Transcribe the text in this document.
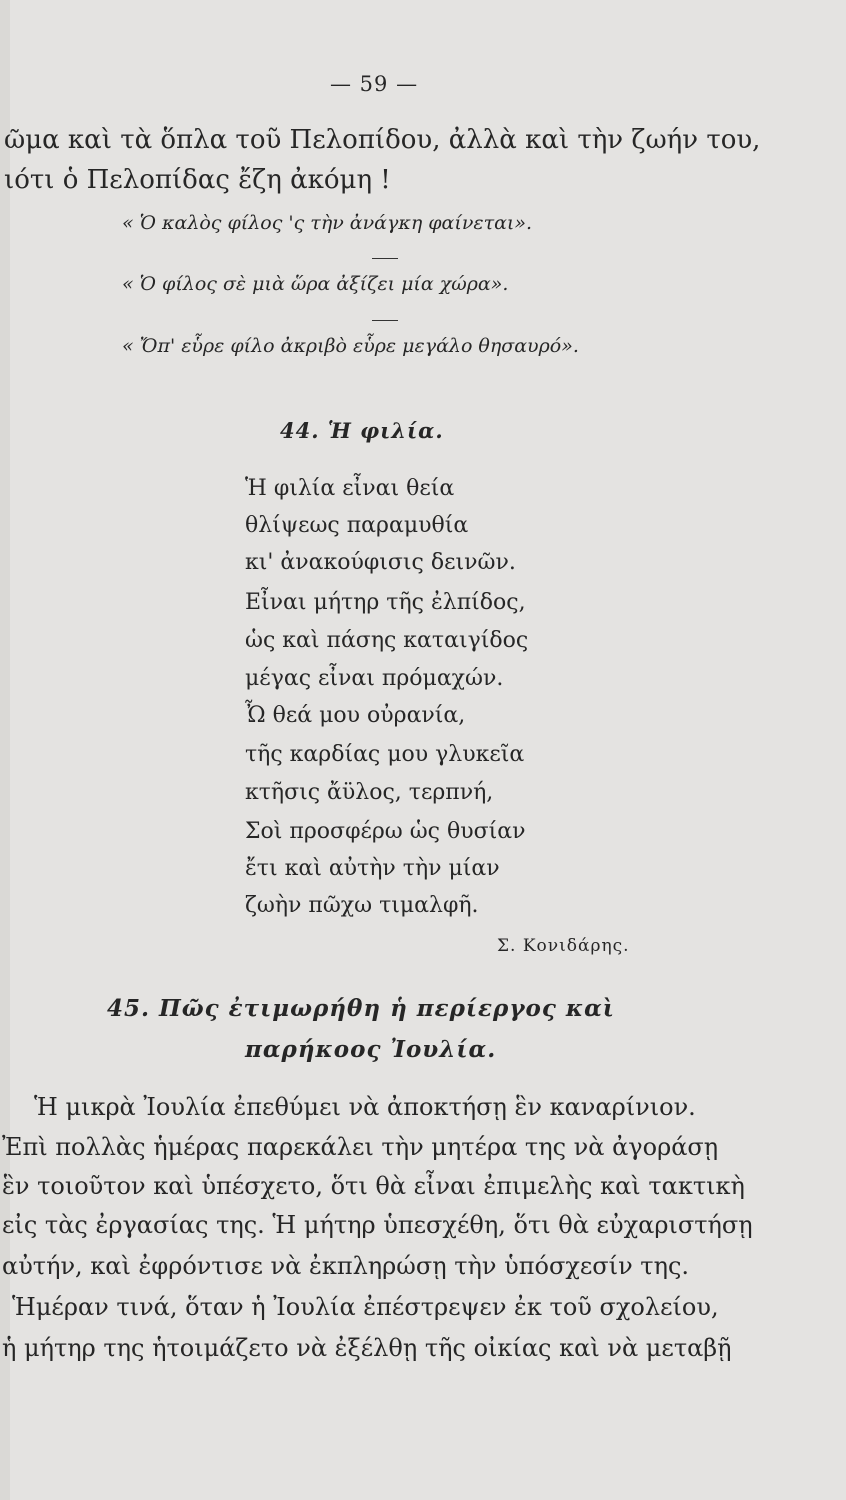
— 59 —
ῶμα καὶ τὰ ὅπλα τοῦ Πελοπίδου, ἀλλὰ καὶ τὴν ζωήν του,
ιότι ὁ Πελοπίδας ἔζη ἀκόμη !
« Ὁ καλὸς φίλος 'ς τὴν ἀνάγκη φαίνεται».
« Ὁ φίλος σὲ μιὰ ὥρα ἀξίζει μία χώρα».
« Ὄπ' εὗρε φίλο ἀκριβὸ εὗρε μεγάλο θησαυρό».
44. Ἡ φιλία.
Ἡ φιλία εἶναι θεία
θλίψεως παραμυθία
κι' ἀνακούφισις δεινῶν.
Εἶναι μήτηρ τῆς ἐλπίδος,
ὡς καὶ πάσης καταιγίδος
μέγας εἶναι πρόμαχών.
Ὦ θεά μου οὐρανία,
τῆς καρδίας μου γλυκεῖα
κτῆσις ἄϋλος, τερπνή,
Σοὶ προσφέρω ὡς θυσίαν
ἔτι καὶ αὐτὴν τὴν μίαν
ζωὴν πῶχω τιμαλφῆ.
Σ. Κονιδάρης.
45. Πῶς ἐτιμωρήθη ἡ περίεργος καὶ
παρήκοος Ἰουλία.
Ἡ μικρὰ Ἰουλία ἐπεθύμει νὰ ἀποκτήσῃ ἓν καναρίνιον.
Ἐπὶ πολλὰς ἡμέρας παρεκάλει τὴν μητέρα της νὰ ἀγοράσῃ
ἓν τοιοῦτον καὶ ὑπέσχετο, ὅτι θὰ εἶναι ἐπιμελὴς καὶ τακτικὴ
εἰς τὰς ἐργασίας της. Ἡ μήτηρ ὑπεσχέθη, ὅτι θὰ εὐχαριστήσῃ
αὐτήν, καὶ ἐφρόντισε νὰ ἐκπληρώσῃ τὴν ὑπόσχεσίν της.
Ἡμέραν τινά, ὅταν ἡ Ἰουλία ἐπέστρεψεν ἐκ τοῦ σχολείου,
ἡ μήτηρ της ἡτοιμάζετο νὰ ἐξέλθῃ τῆς οἰκίας καὶ νὰ μεταβῇ
